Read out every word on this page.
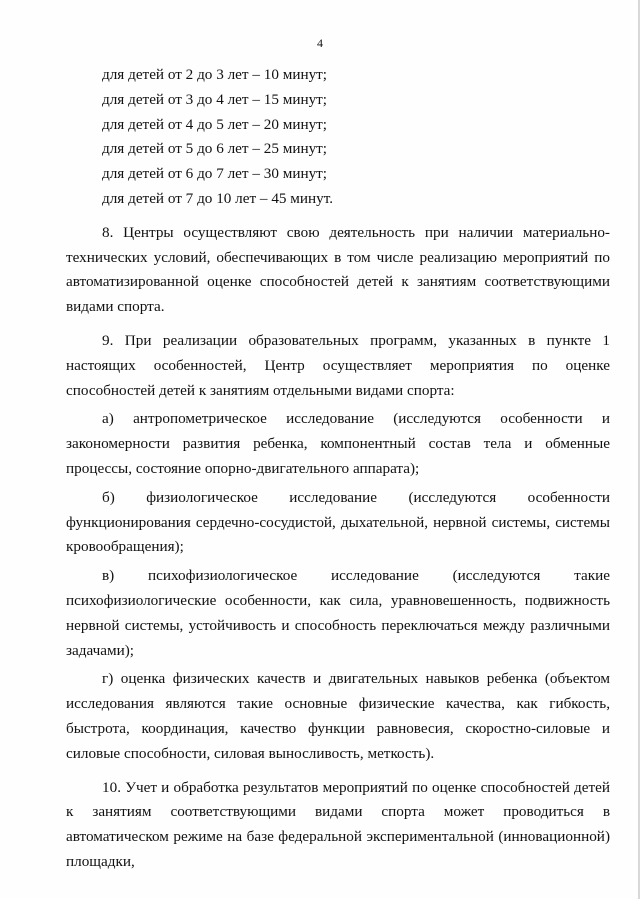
4
для детей от 2 до 3 лет – 10 минут;
для детей от 3 до 4 лет – 15 минут;
для детей от 4 до 5 лет – 20 минут;
для детей от 5 до 6 лет – 25 минут;
для детей от 6 до 7 лет – 30 минут;
для детей от 7 до 10 лет – 45 минут.

8. Центры осуществляют свою деятельность при наличии материально-технических условий, обеспечивающих в том числе реализацию мероприятий по автоматизированной оценке способностей детей к занятиям соответствующими видами спорта.

9. При реализации образовательных программ, указанных в пункте 1 настоящих особенностей, Центр осуществляет мероприятия по оценке способностей детей к занятиям отдельными видами спорта:

а) антропометрическое исследование (исследуются особенности и закономерности развития ребенка, компонентный состав тела и обменные процессы, состояние опорно-двигательного аппарата);

б) физиологическое исследование (исследуются особенности функционирования сердечно-сосудистой, дыхательной, нервной системы, системы кровообращения);

в) психофизиологическое исследование (исследуются такие психофизиологические особенности, как сила, уравновешенность, подвижность нервной системы, устойчивость и способность переключаться между различными задачами);

г) оценка физических качеств и двигательных навыков ребенка (объектом исследования являются такие основные физические качества, как гибкость, быстрота, координация, качество функции равновесия, скоростно-силовые и силовые способности, силовая выносливость, меткость).

10. Учет и обработка результатов мероприятий по оценке способностей детей к занятиям соответствующими видами спорта может проводиться в автоматическом режиме на базе федеральной экспериментальной (инновационной) площадки,
